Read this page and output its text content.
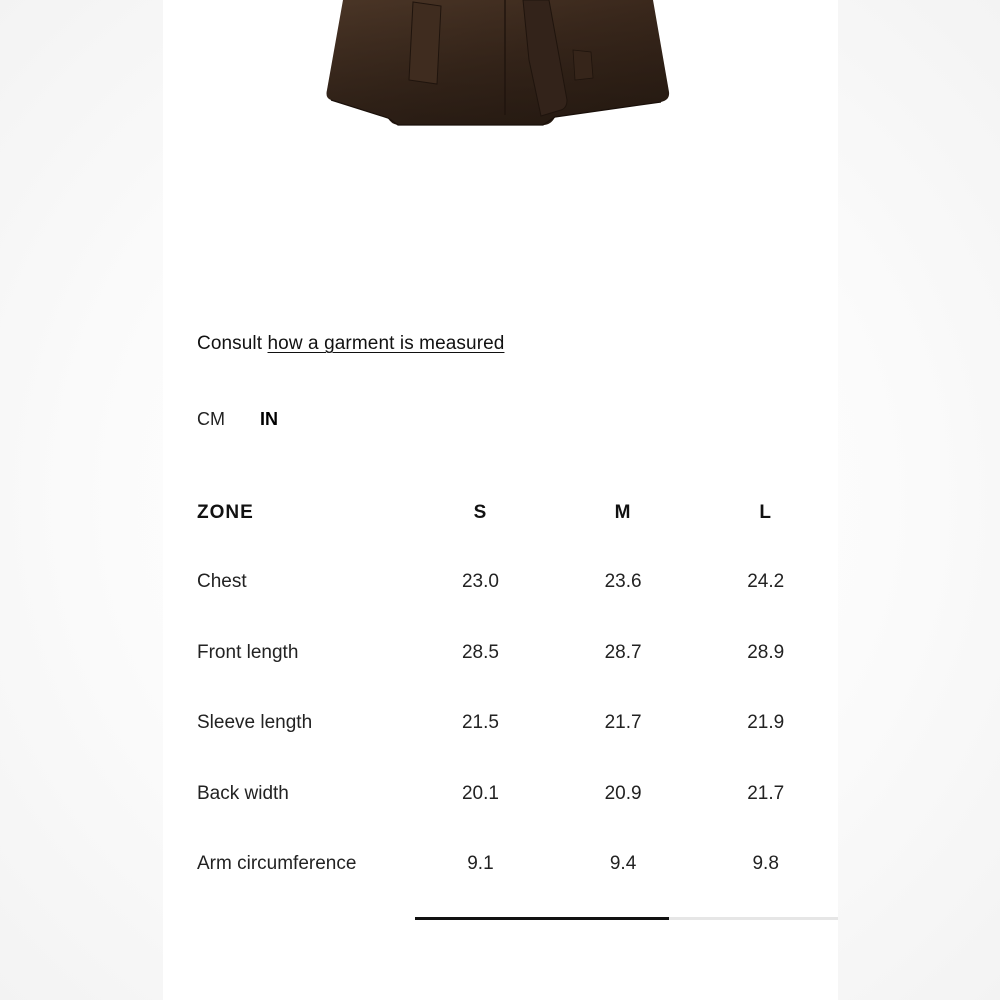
Consult how a garment is measured
CM IN
ZONE	S	M	L
Chest	23.0	23.6	24.2
Front length	28.5	28.7	28.9
Sleeve length	21.5	21.7	21.9
Back width	20.1	20.9	21.7
Arm circumference	9.1	9.4	9.8
